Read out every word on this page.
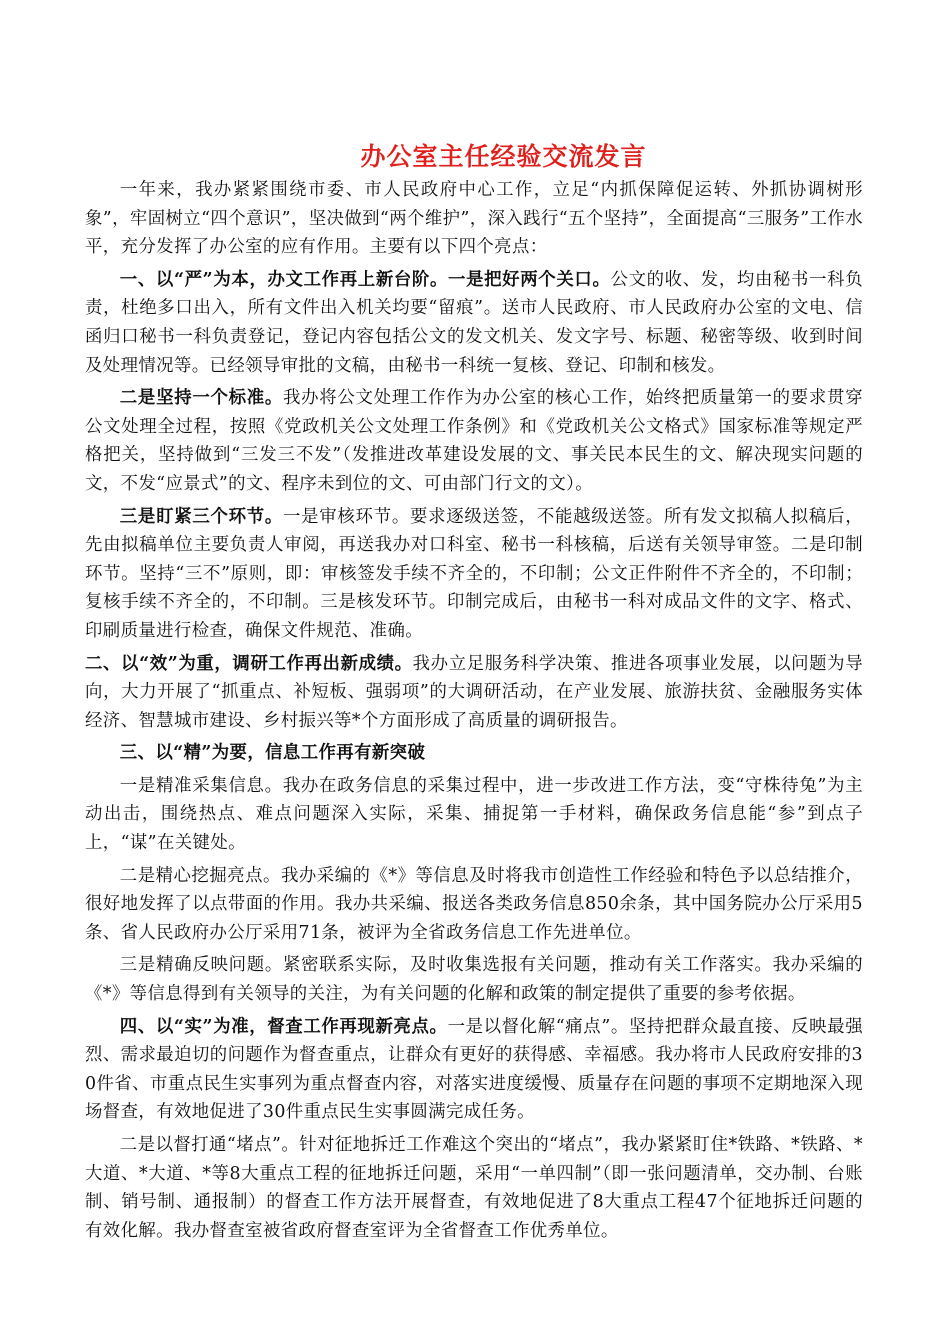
办公室主任经验交流发言

一年来，我办紧紧围绕市委、市人民政府中心工作，立足“内抓保障促运转、外抓协调树形象”，牢固树立“四个意识”，坚决做到“两个维护”，深入践行“五个坚持”，全面提高“三服务”工作水平，充分发挥了办公室的应有作用。主要有以下四个亮点：

一、以“严”为本，办文工作再上新台阶。一是把好两个关口。公文的收、发，均由秘书一科负责，杜绝多口出入，所有文件出入机关均要“留痕”。送市人民政府、市人民政府办公室的文电、信函归口秘书一科负责登记，登记内容包括公文的发文机关、发文字号、标题、秘密等级、收到时间及处理情况等。已经领导审批的文稿，由秘书一科统一复核、登记、印制和核发。

二是坚持一个标准。我办将公文处理工作作为办公室的核心工作，始终把质量第一的要求贯穿公文处理全过程，按照《党政机关公文处理工作条例》和《党政机关公文格式》国家标准等规定严格把关，坚持做到“三发三不发”（发推进改革建设发展的文、事关民本民生的文、解决现实问题的文，不发“应景式”的文、程序未到位的文、可由部门行文的文）。

三是盯紧三个环节。一是审核环节。要求逐级送签，不能越级送签。所有发文拟稿人拟稿后，先由拟稿单位主要负责人审阅，再送我办对口科室、秘书一科核稿，后送有关领导审签。二是印制环节。坚持“三不”原则，即：审核签发手续不齐全的，不印制；公文正件附件不齐全的，不印制；复核手续不齐全的，不印制。三是核发环节。印制完成后，由秘书一科对成品文件的文字、格式、印刷质量进行检查，确保文件规范、准确。

二、以“效”为重，调研工作再出新成绩。我办立足服务科学决策、推进各项事业发展，以问题为导向，大力开展了“抓重点、补短板、强弱项”的大调研活动，在产业发展、旅游扶贫、金融服务实体经济、智慧城市建设、乡村振兴等*个方面形成了高质量的调研报告。

三、以“精”为要，信息工作再有新突破

一是精准采集信息。我办在政务信息的采集过程中，进一步改进工作方法，变“守株待兔”为主动出击，围绕热点、难点问题深入实际，采集、捕捉第一手材料，确保政务信息能“参”到点子上，“谋”在关键处。

二是精心挖掘亮点。我办采编的《*》等信息及时将我市创造性工作经验和特色予以总结推介，很好地发挥了以点带面的作用。我办共采编、报送各类政务信息850余条，其中国务院办公厅采用5条、省人民政府办公厅采用71条，被评为全省政务信息工作先进单位。

三是精确反映问题。紧密联系实际，及时收集选报有关问题，推动有关工作落实。我办采编的《*》等信息得到有关领导的关注，为有关问题的化解和政策的制定提供了重要的参考依据。

四、以“实”为准，督查工作再现新亮点。一是以督化解“痛点”。坚持把群众最直接、反映最强烈、需求最迫切的问题作为督查重点，让群众有更好的获得感、幸福感。我办将市人民政府安排的30件省、市重点民生实事列为重点督查内容，对落实进度缓慢、质量存在问题的事项不定期地深入现场督查，有效地促进了30件重点民生实事圆满完成任务。

二是以督打通“堵点”。针对征地拆迁工作难这个突出的“堵点”，我办紧紧盯住*铁路、*铁路、*大道、*大道、*等8大重点工程的征地拆迁问题，采用“一单四制”（即一张问题清单，交办制、台账制、销号制、通报制）的督查工作方法开展督查，有效地促进了8大重点工程47个征地拆迁问题的有效化解。我办督查室被省政府督查室评为全省督查工作优秀单位。
